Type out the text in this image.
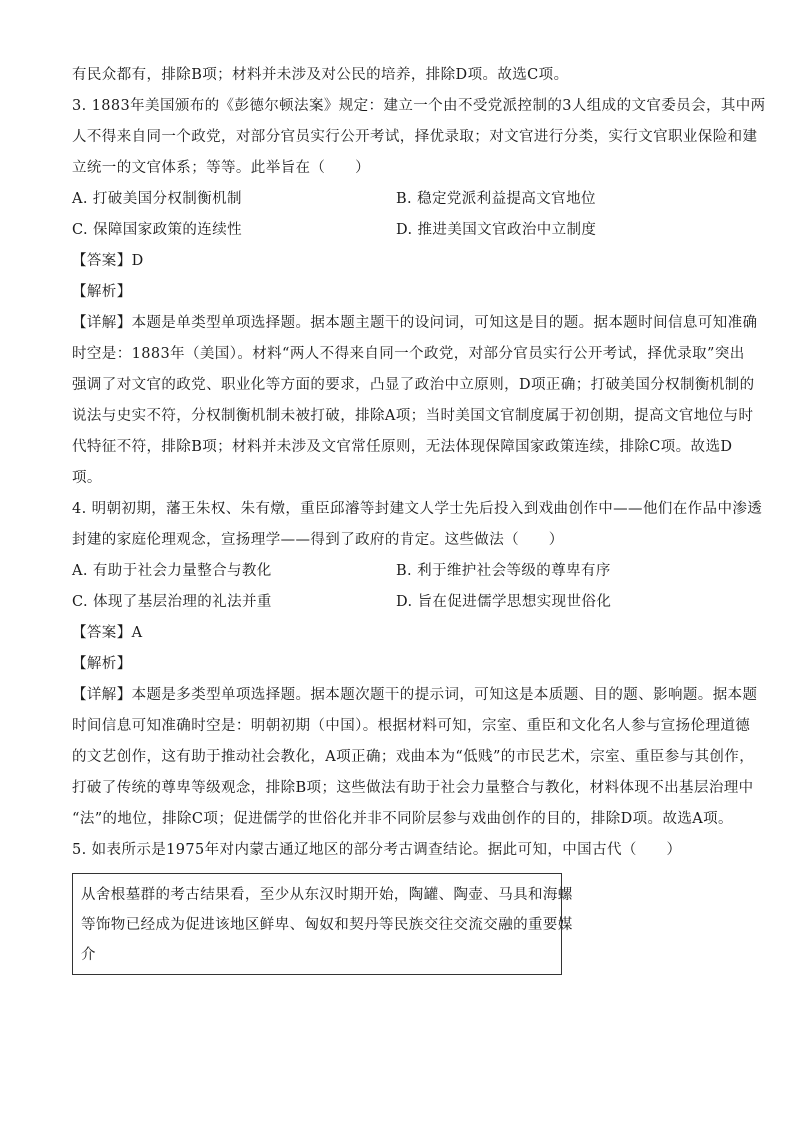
有民众都有，排除B项；材料并未涉及对公民的培养，排除D项。故选C项。
3. 1883年美国颁布的《彭德尔顿法案》规定：建立一个由不受党派控制的3人组成的文官委员会，其中两
人不得来自同一个政党，对部分官员实行公开考试，择优录取；对文官进行分类，实行文官职业保险和建
立统一的文官体系；等等。此举旨在（　　）
A. 打破美国分权制衡机制	B. 稳定党派利益提高文官地位
C. 保障国家政策的连续性	D. 推进美国文官政治中立制度
【答案】D
【解析】
【详解】本题是单类型单项选择题。据本题主题干的设问词，可知这是目的题。据本题时间信息可知准确
时空是：1883年（美国）。材料“两人不得来自同一个政党，对部分官员实行公开考试，择优录取”突出
强调了对文官的政党、职业化等方面的要求，凸显了政治中立原则，D项正确；打破美国分权制衡机制的
说法与史实不符，分权制衡机制未被打破，排除A项；当时美国文官制度属于初创期，提高文官地位与时
代特征不符，排除B项；材料并未涉及文官常任原则，无法体现保障国家政策连续，排除C项。故选D
项。
4. 明朝初期，藩王朱权、朱有燉，重臣邱濬等封建文人学士先后投入到戏曲创作中——他们在作品中渗透
封建的家庭伦理观念，宣扬理学——得到了政府的肯定。这些做法（　　）
A. 有助于社会力量整合与教化	B. 利于维护社会等级的尊卑有序
C. 体现了基层治理的礼法并重	D. 旨在促进儒学思想实现世俗化
【答案】A
【解析】
【详解】本题是多类型单项选择题。据本题次题干的提示词，可知这是本质题、目的题、影响题。据本题
时间信息可知准确时空是：明朝初期（中国）。根据材料可知，宗室、重臣和文化名人参与宣扬伦理道德
的文艺创作，这有助于推动社会教化，A项正确；戏曲本为“低贱”的市民艺术，宗室、重臣参与其创作，
打破了传统的尊卑等级观念，排除B项；这些做法有助于社会力量整合与教化，材料体现不出基层治理中
“法”的地位，排除C项；促进儒学的世俗化并非不同阶层参与戏曲创作的目的，排除D项。故选A项。
5. 如表所示是1975年对内蒙古通辽地区的部分考古调查结论。据此可知，中国古代（　　）
从舍根墓群的考古结果看，至少从东汉时期开始，陶罐、陶壶、马具和海螺
等饰物已经成为促进该地区鲜卑、匈奴和契丹等民族交往交流交融的重要媒
介
